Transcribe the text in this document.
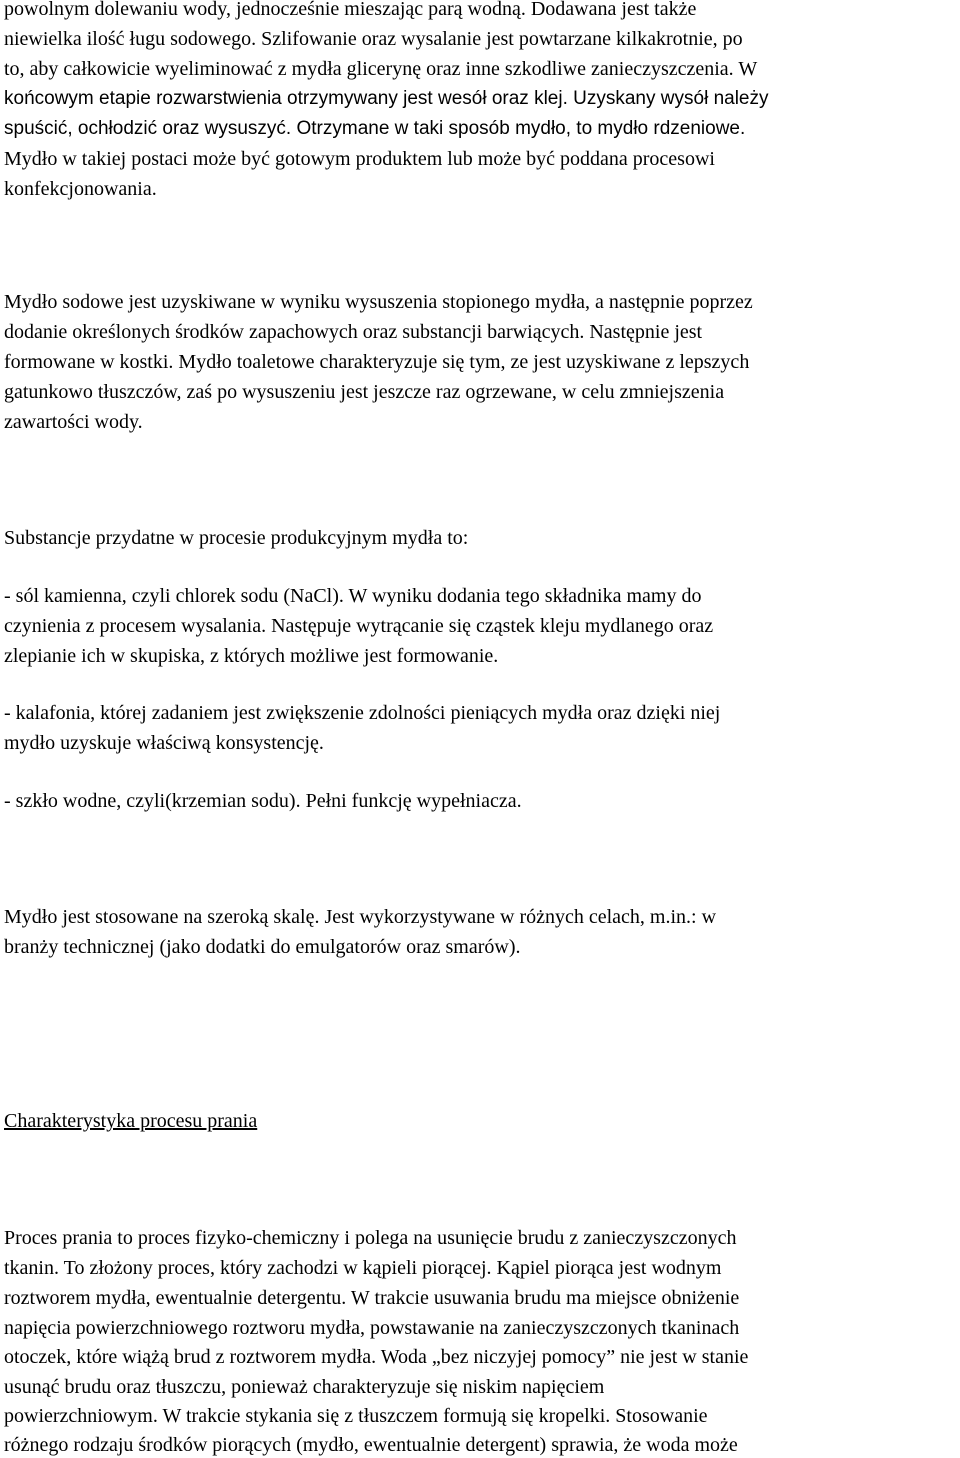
powolnym dolewaniu wody, jednocześnie mieszając parą wodną. Dodawana jest także
niewielka ilość ługu sodowego. Szlifowanie oraz wysalanie jest powtarzane kilkakrotnie, po
to, aby całkowicie wyeliminować z mydła glicerynę oraz inne szkodliwe zanieczyszczenia. W
końcowym etapie rozwarstwienia otrzymywany jest wesół oraz klej. Uzyskany wysół należy
spuścić, ochłodzić oraz wysuszyć. Otrzymane w taki sposób mydło, to mydło rdzeniowe.
Mydło w takiej postaci może być gotowym produktem lub może być poddana procesowi
konfekcjonowania.
Mydło sodowe jest uzyskiwane w wyniku wysuszenia stopionego mydła, a następnie poprzez
dodanie określonych środków zapachowych oraz substancji barwiących. Następnie jest
formowane w kostki. Mydło toaletowe charakteryzuje się tym, ze jest uzyskiwane z lepszych
gatunkowo tłuszczów, zaś po wysuszeniu jest jeszcze raz ogrzewane, w celu zmniejszenia
zawartości wody.
Substancje przydatne w procesie produkcyjnym mydła to:
- sól kamienna, czyli chlorek sodu (NaCl). W wyniku dodania tego składnika mamy do
czynienia z procesem wysalania. Następuje wytrącanie się cząstek kleju mydlanego oraz
zlepianie ich w skupiska, z których możliwe jest formowanie.
- kalafonia, której zadaniem jest zwiększenie zdolności pieniących mydła oraz dzięki niej
mydło uzyskuje właściwą konsystencję.
- szkło wodne, czyli(krzemian sodu). Pełni funkcję wypełniacza.
Mydło jest stosowane na szeroką skalę. Jest wykorzystywane w różnych celach, m.in.: w
branży technicznej (jako dodatki do emulgatorów oraz smarów).
Charakterystyka procesu prania
Proces prania to proces fizyko-chemiczny i polega na usunięcie brudu z zanieczyszczonych
tkanin. To złożony proces, który zachodzi w kąpieli piorącej. Kąpiel piorąca jest wodnym
roztworem mydła, ewentualnie detergentu. W trakcie usuwania brudu ma miejsce obniżenie
napięcia powierzchniowego roztworu mydła, powstawanie na zanieczyszczonych tkaninach
otoczek, które wiążą brud z roztworem mydła. Woda „bez niczyjej pomocy” nie jest w stanie
usunąć brudu oraz tłuszczu, ponieważ charakteryzuje się niskim napięciem
powierzchniowym. W trakcie stykania się z tłuszczem formują się kropelki. Stosowanie
różnego rodzaju środków piorących (mydło, ewentualnie detergent) sprawia, że woda może
